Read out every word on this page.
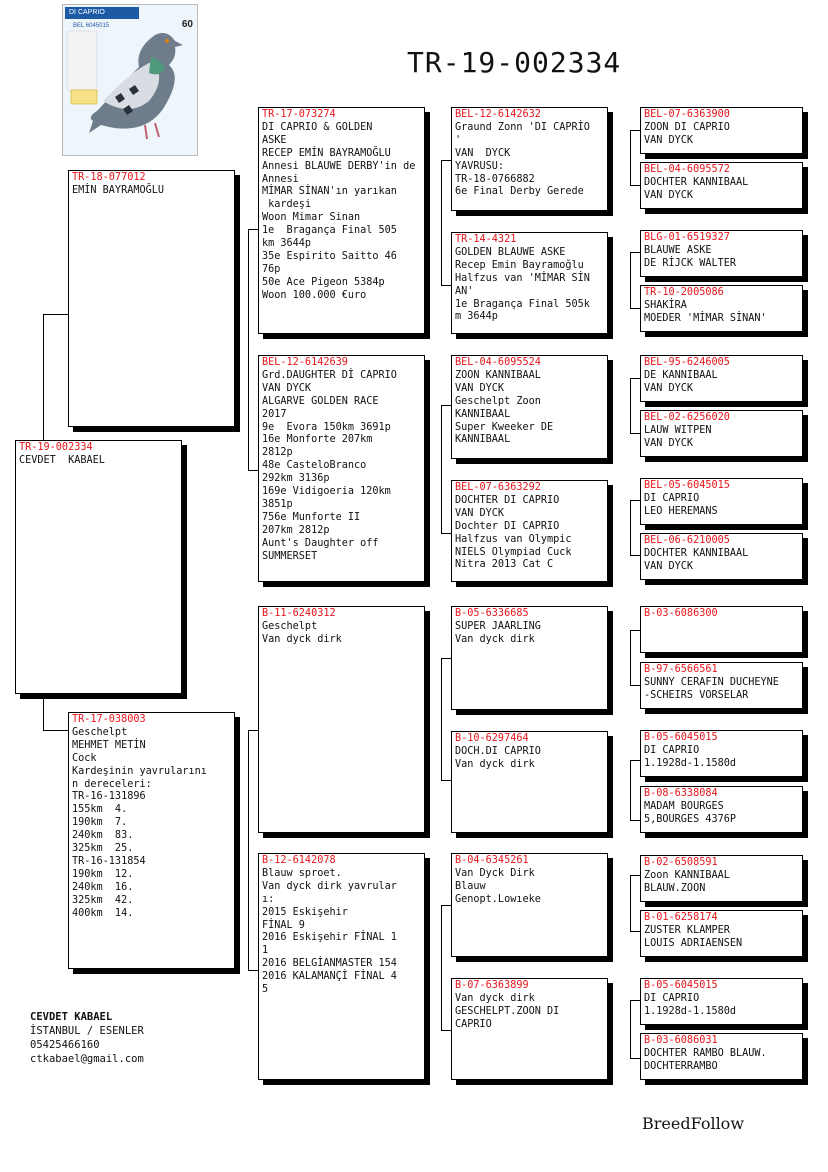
DI CAPRIO
60
BEL 6045015
TR-19-002334
TR-19-002334
CEVDET  KABAEL
TR-18-077012
EMİN BAYRAMOĞLU
TR-17-038003
Geschelpt
MEHMET METİN
Cock
Kardeşinin yavrularını
n dereceleri:
TR-16-131896
155km  4.
190km  7.
240km  83.
325km  25.
TR-16-131854
190km  12.
240km  16.
325km  42.
400km  14.
TR-17-073274
DI CAPRIO & GOLDEN
ASKE
RECEP EMİN BAYRAMOĞLU
Annesi BLAUWE DERBY'in de
Annesi
MİMAR SİNAN'ın yarıkan
kardeşi
Woon Mimar Sinan
1e  Bragança Final 505
km 3644p
35e Espirito Saitto 46
76p
50e Ace Pigeon 5384p
Woon 100.000 €uro
BEL-12-6142639
Grd.DAUGHTER Dİ CAPRIO
VAN DYCK
ALGARVE GOLDEN RACE
2017
9e  Evora 150km 3691p
16e Monforte 207km
2812p
48e CasteloBranco
292km 3136p
169e Vidigoeria 120km
3851p
756e Munforte II
207km 2812p
Aunt's Daughter off
SUMMERSET
B-11-6240312
Geschelpt
Van dyck dirk
B-12-6142078
Blauw sproet.
Van dyck dirk yavrular
ı:
2015 Eskişehir
FİNAL 9
2016 Eskişehir FİNAL 1
1
2016 BELGİANMASTER 154
2016 KALAMANÇİ FİNAL 4
5
BEL-12-6142632
Graund Zonn 'DI CAPRİO
'
VAN  DYCK
YAVRUSU:
TR-18-0766882
6e Final Derby Gerede
TR-14-4321
GOLDEN BLAUWE ASKE
Recep Emin Bayramoğlu
Halfzus van 'MİMAR SİN
AN'
1e Bragança Final 505k
m 3644p
BEL-04-6095524
ZOON KANNIBAAL
VAN DYCK
Geschelpt Zoon
KANNIBAAL
Super Kweeker DE
KANNIBAAL
BEL-07-6363292
DOCHTER DI CAPRIO
VAN DYCK
Dochter DI CAPRIO
Halfzus van Olympic
NIELS Olympiad Cuck
Nitra 2013 Cat C
B-05-6336685
SUPER JAARLING
Van dyck dirk
B-10-6297464
DOCH.DI CAPRIO
Van dyck dirk
B-04-6345261
Van Dyck Dirk
Blauw
Genopt.Lowıeke
B-07-6363899
Van dyck dirk
GESCHELPT.ZOON DI
CAPRIO
BEL-07-6363900
ZOON DI CAPRIO
VAN DYCK
BEL-04-6095572
DOCHTER KANNIBAAL
VAN DYCK
BLG-01-6519327
BLAUWE ASKE
DE RİJCK WALTER
TR-10-2005086
SHAKİRA
MOEDER 'MİMAR SİNAN'
BEL-95-6246005
DE KANNIBAAL
VAN DYCK
BEL-02-6256020
LAUW WITPEN
VAN DYCK
BEL-05-6045015
DI CAPRIO
LEO HEREMANS
BEL-06-6210005
DOCHTER KANNIBAAL
VAN DYCK
B-03-6086300
B-97-6566561
SUNNY CERAFIN DUCHEYNE
-SCHEIRS VORSELAR
B-05-6045015
DI CAPRIO
1.1928d-1.1580d
B-08-6338084
MADAM BOURGES
5,BOURGES 4376P
B-02-6508591
Zoon KANNIBAAL
BLAUW.ZOON
B-01-6258174
ZUSTER KLAMPER
LOUIS ADRIAENSEN
B-05-6045015
DI CAPRIO
1.1928d-1.1580d
B-03-6086031
DOCHTER RAMBO BLAUW.
DOCHTERRAMBO
CEVDET KABAEL
İSTANBUL / ESENLER
05425466160
ctkabael@gmail.com
BreedFollow
